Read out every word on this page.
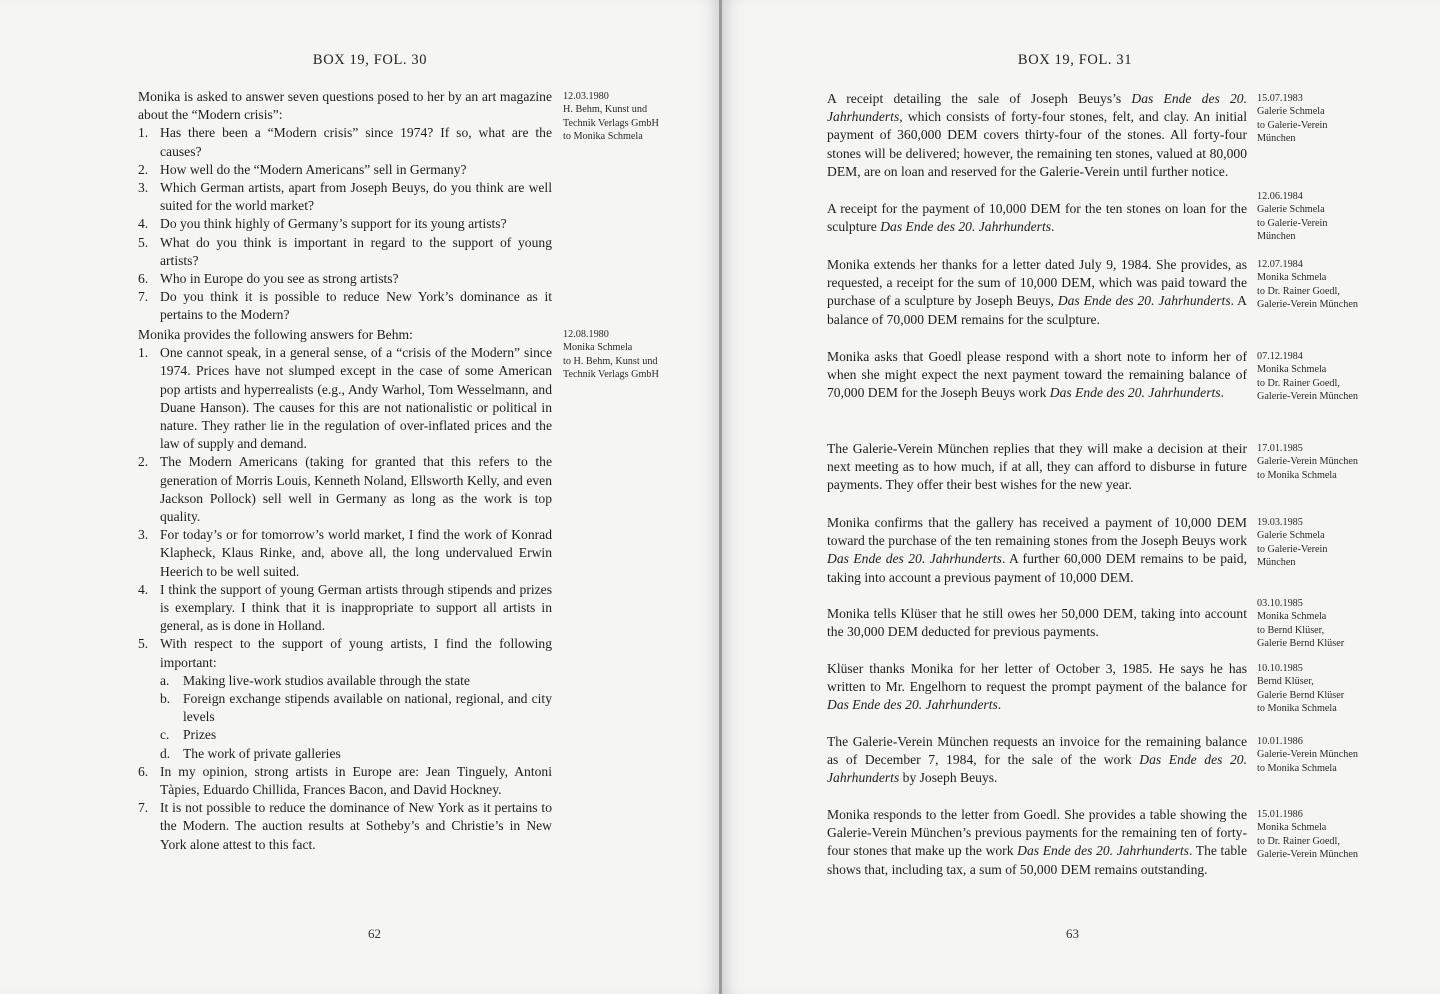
BOX 19, FOL. 30
Monika is asked to answer seven questions posed to her by an art magazine about the “Modern crisis”:
1. Has there been a “Modern crisis” since 1974? If so, what are the causes?
2. How well do the “Modern Americans” sell in Germany?
3. Which German artists, apart from Joseph Beuys, do you think are well suited for the world market?
4. Do you think highly of Germany’s support for its young artists?
5. What do you think is important in regard to the support of young artists?
6. Who in Europe do you see as strong artists?
7. Do you think it is possible to reduce New York’s dominance as it pertains to the Modern?
12.03.1980
H. Behm, Kunst und
Technik Verlags GmbH
to Monika Schmela
Monika provides the following answers for Behm:
1. One cannot speak, in a general sense, of a “crisis of the Modern” since 1974. Prices have not slumped except in the case of some American pop artists and hyperrealists (e.g., Andy Warhol, Tom Wesselmann, and Duane Hanson). The causes for this are not nationalistic or political in nature. They rather lie in the regulation of over-inflated prices and the law of supply and demand.
2. The Modern Americans (taking for granted that this refers to the generation of Morris Louis, Kenneth Noland, Ellsworth Kelly, and even Jackson Pollock) sell well in Germany as long as the work is top quality.
3. For today’s or for tomorrow’s world market, I find the work of Konrad Klapheck, Klaus Rinke, and, above all, the long undervalued Erwin Heerich to be well suited.
4. I think the support of young German artists through stipends and prizes is exemplary. I think that it is inappropriate to support all artists in general, as is done in Holland.
5. With respect to the support of young artists, I find the following important:
a. Making live-work studios available through the state
b. Foreign exchange stipends available on national, regional, and city levels
c. Prizes
d. The work of private galleries
6. In my opinion, strong artists in Europe are: Jean Tinguely, Antoni Tàpies, Eduardo Chillida, Frances Bacon, and David Hockney.
7. It is not possible to reduce the dominance of New York as it pertains to the Modern. The auction results at Sotheby’s and Christie’s in New York alone attest to this fact.
12.08.1980
Monika Schmela
to H. Behm, Kunst und
Technik Verlags GmbH
62
BOX 19, FOL. 31
A receipt detailing the sale of Joseph Beuys’s Das Ende des 20. Jahrhunderts, which consists of forty-four stones, felt, and clay. An initial payment of 360,000 DEM covers thirty-four of the stones. All forty-four stones will be delivered; however, the remaining ten stones, valued at 80,000 DEM, are on loan and reserved for the Galerie-Verein until further notice.
15.07.1983
Galerie Schmela
to Galerie-Verein
München
A receipt for the payment of 10,000 DEM for the ten stones on loan for the sculpture Das Ende des 20. Jahrhunderts.
12.06.1984
Galerie Schmela
to Galerie-Verein
München
Monika extends her thanks for a letter dated July 9, 1984. She provides, as requested, a receipt for the sum of 10,000 DEM, which was paid toward the purchase of a sculpture by Joseph Beuys, Das Ende des 20. Jahrhunderts. A balance of 70,000 DEM remains for the sculpture.
12.07.1984
Monika Schmela
to Dr. Rainer Goedl,
Galerie-Verein München
Monika asks that Goedl please respond with a short note to inform her of when she might expect the next payment toward the remaining balance of 70,000 DEM for the Joseph Beuys work Das Ende des 20. Jahrhunderts.
07.12.1984
Monika Schmela
to Dr. Rainer Goedl,
Galerie-Verein München
The Galerie-Verein München replies that they will make a decision at their next meeting as to how much, if at all, they can afford to disburse in future payments. They offer their best wishes for the new year.
17.01.1985
Galerie-Verein München
to Monika Schmela
Monika confirms that the gallery has received a payment of 10,000 DEM toward the purchase of the ten remaining stones from the Joseph Beuys work Das Ende des 20. Jahrhunderts. A further 60,000 DEM remains to be paid, taking into account a previous payment of 10,000 DEM.
19.03.1985
Galerie Schmela
to Galerie-Verein
München
Monika tells Klüser that he still owes her 50,000 DEM, taking into account the 30,000 DEM deducted for previous payments.
03.10.1985
Monika Schmela
to Bernd Klüser,
Galerie Bernd Klüser
Klüser thanks Monika for her letter of October 3, 1985. He says he has written to Mr. Engelhorn to request the prompt payment of the balance for Das Ende des 20. Jahrhunderts.
10.10.1985
Bernd Klüser,
Galerie Bernd Klüser
to Monika Schmela
The Galerie-Verein München requests an invoice for the remaining balance as of December 7, 1984, for the sale of the work Das Ende des 20. Jahrhunderts by Joseph Beuys.
10.01.1986
Galerie-Verein München
to Monika Schmela
Monika responds to the letter from Goedl. She provides a table showing the Galerie-Verein München’s previous payments for the remaining ten of forty-four stones that make up the work Das Ende des 20. Jahrhunderts. The table shows that, including tax, a sum of 50,000 DEM remains outstanding.
15.01.1986
Monika Schmela
to Dr. Rainer Goedl,
Galerie-Verein München
63
